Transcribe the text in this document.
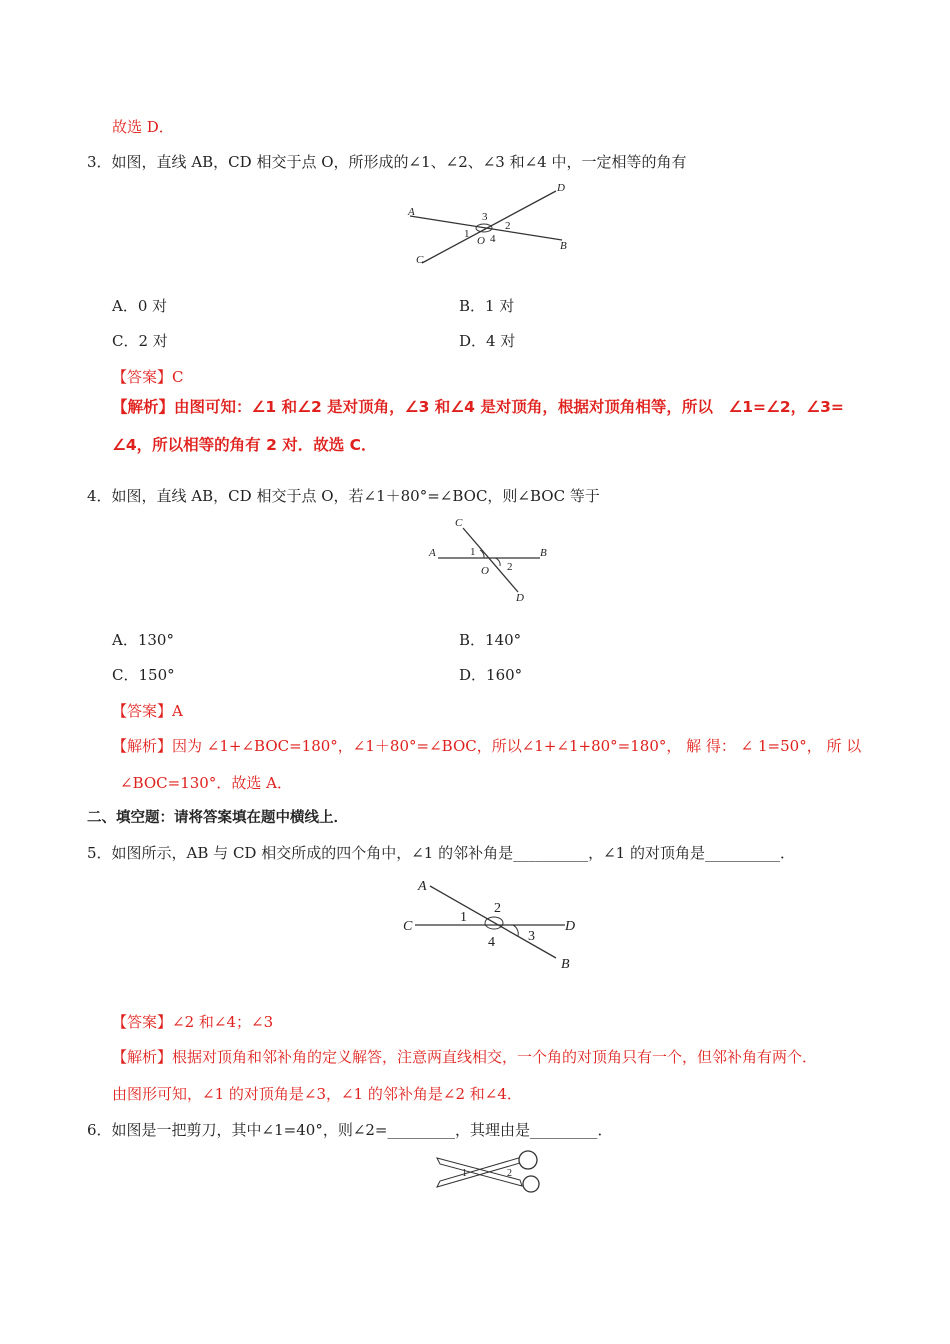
故选 D．
3．如图，直线 AB，CD 相交于点 O，所形成的∠1、∠2、∠3 和∠4 中，一定相等的角有
A
D
C
B
O
1
2
3
4
A．0 对	B．1 对
C．2 对	D．4 对
【答案】C
【解析】由图可知：∠1 和∠2 是对顶角，∠3 和∠4 是对顶角，根据对顶角相等，所以　∠1=∠2，∠3=
∠4，所以相等的角有 2 对．故选 C．
4．如图，直线 AB，CD 相交于点 O，若∠1＋80°=∠BOC，则∠BOC 等于
C
A	B
O
D
1
2
A．130°	B．140°
C．150°	D．160°
【答案】A
【解析】因为 ∠1+∠BOC=180°，∠1＋80°=∠BOC，所以∠1+∠1+80°=180°， 解 得： ∠ 1=50°， 所 以
∠BOC=130°．故选 A．
二、填空题：请将答案填在题中横线上．
5．如图所示，AB 与 CD 相交所成的四个角中，∠1 的邻补角是__________，∠1 的对顶角是__________．
A
C	D
B
1
2
3
4
【答案】∠2 和∠4；∠3
【解析】根据对顶角和邻补角的定义解答，注意两直线相交，一个角的对顶角只有一个，但邻补角有两个．
由图形可知，∠1 的对顶角是∠3，∠1 的邻补角是∠2 和∠4．
6．如图是一把剪刀，其中∠1=40°，则∠2=_________，其理由是_________．
1	2
